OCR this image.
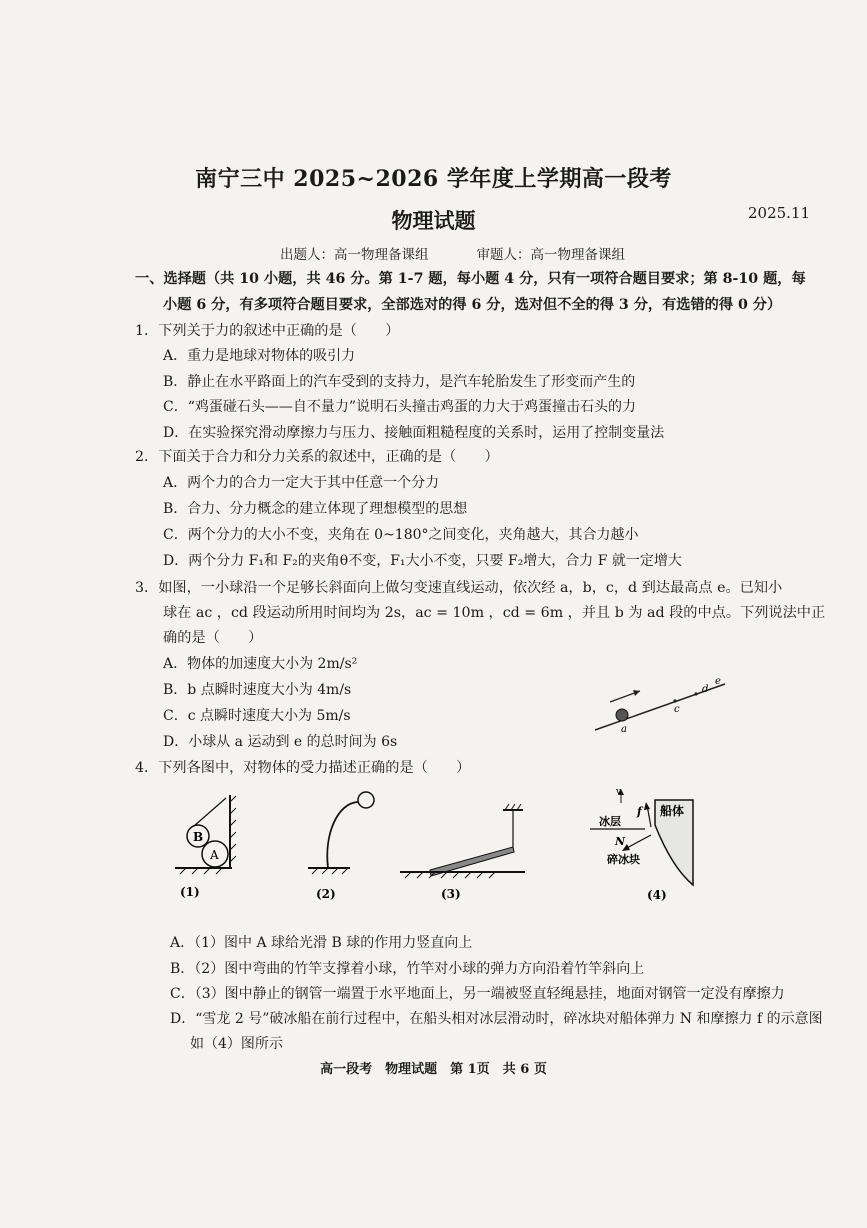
南宁三中 2025~2026 学年度上学期高一段考
物理试题	2025.11
出题人：高一物理备课组	审题人：高一物理备课组
一、选择题（共 10 小题，共 46 分。第 1-7 题，每小题 4 分，只有一项符合题目要求；第 8-10 题，每
小题 6 分，有多项符合题目要求，全部选对的得 6 分，选对但不全的得 3 分，有选错的得 0 分）
1．下列关于力的叙述中正确的是（　　）
A．重力是地球对物体的吸引力
B．静止在水平路面上的汽车受到的支持力，是汽车轮胎发生了形变而产生的
C．“鸡蛋碰石头——自不量力”说明石头撞击鸡蛋的力大于鸡蛋撞击石头的力
D．在实验探究滑动摩擦力与压力、接触面粗糙程度的关系时，运用了控制变量法
2．下面关于合力和分力关系的叙述中，正确的是（　　）
A．两个力的合力一定大于其中任意一个分力
B．合力、分力概念的建立体现了理想模型的思想
C．两个分力的大小不变，夹角在 0~180°之间变化，夹角越大，其合力越小
D．两个分力 F₁和 F₂的夹角θ不变，F₁大小不变，只要 F₂增大，合力 F 就一定增大
3．如图，一小球沿一个足够长斜面向上做匀变速直线运动，依次经 a，b，c，d 到达最高点 e。已知小
球在 ac ，cd 段运动所用时间均为 2s，ac = 10m ，cd = 6m ，并且 b 为 ad 段的中点。下列说法中正
确的是（　　）
A．物体的加速度大小为 2m/s²
B．b 点瞬时速度大小为 4m/s
C．c 点瞬时速度大小为 5m/s
D．小球从 a 运动到 e 的总时间为 6s
a
c
d
e
4．下列各图中，对物体的受力描述正确的是（　　）
B
A
(1)	(2)	(3)
船体
冰层
v
f
N
碎冰块
(4)
A．（1）图中 A 球给光滑 B 球的作用力竖直向上
B．（2）图中弯曲的竹竿支撑着小球，竹竿对小球的弹力方向沿着竹竿斜向上
C．（3）图中静止的钢管一端置于水平地面上，另一端被竖直轻绳悬挂，地面对钢管一定没有摩擦力
D．“雪龙 2 号”破冰船在前行过程中，在船头相对冰层滑动时，碎冰块对船体弹力 N 和摩擦力 f 的示意图
如（4）图所示
高一段考　物理试题　第 1页　共 6 页
